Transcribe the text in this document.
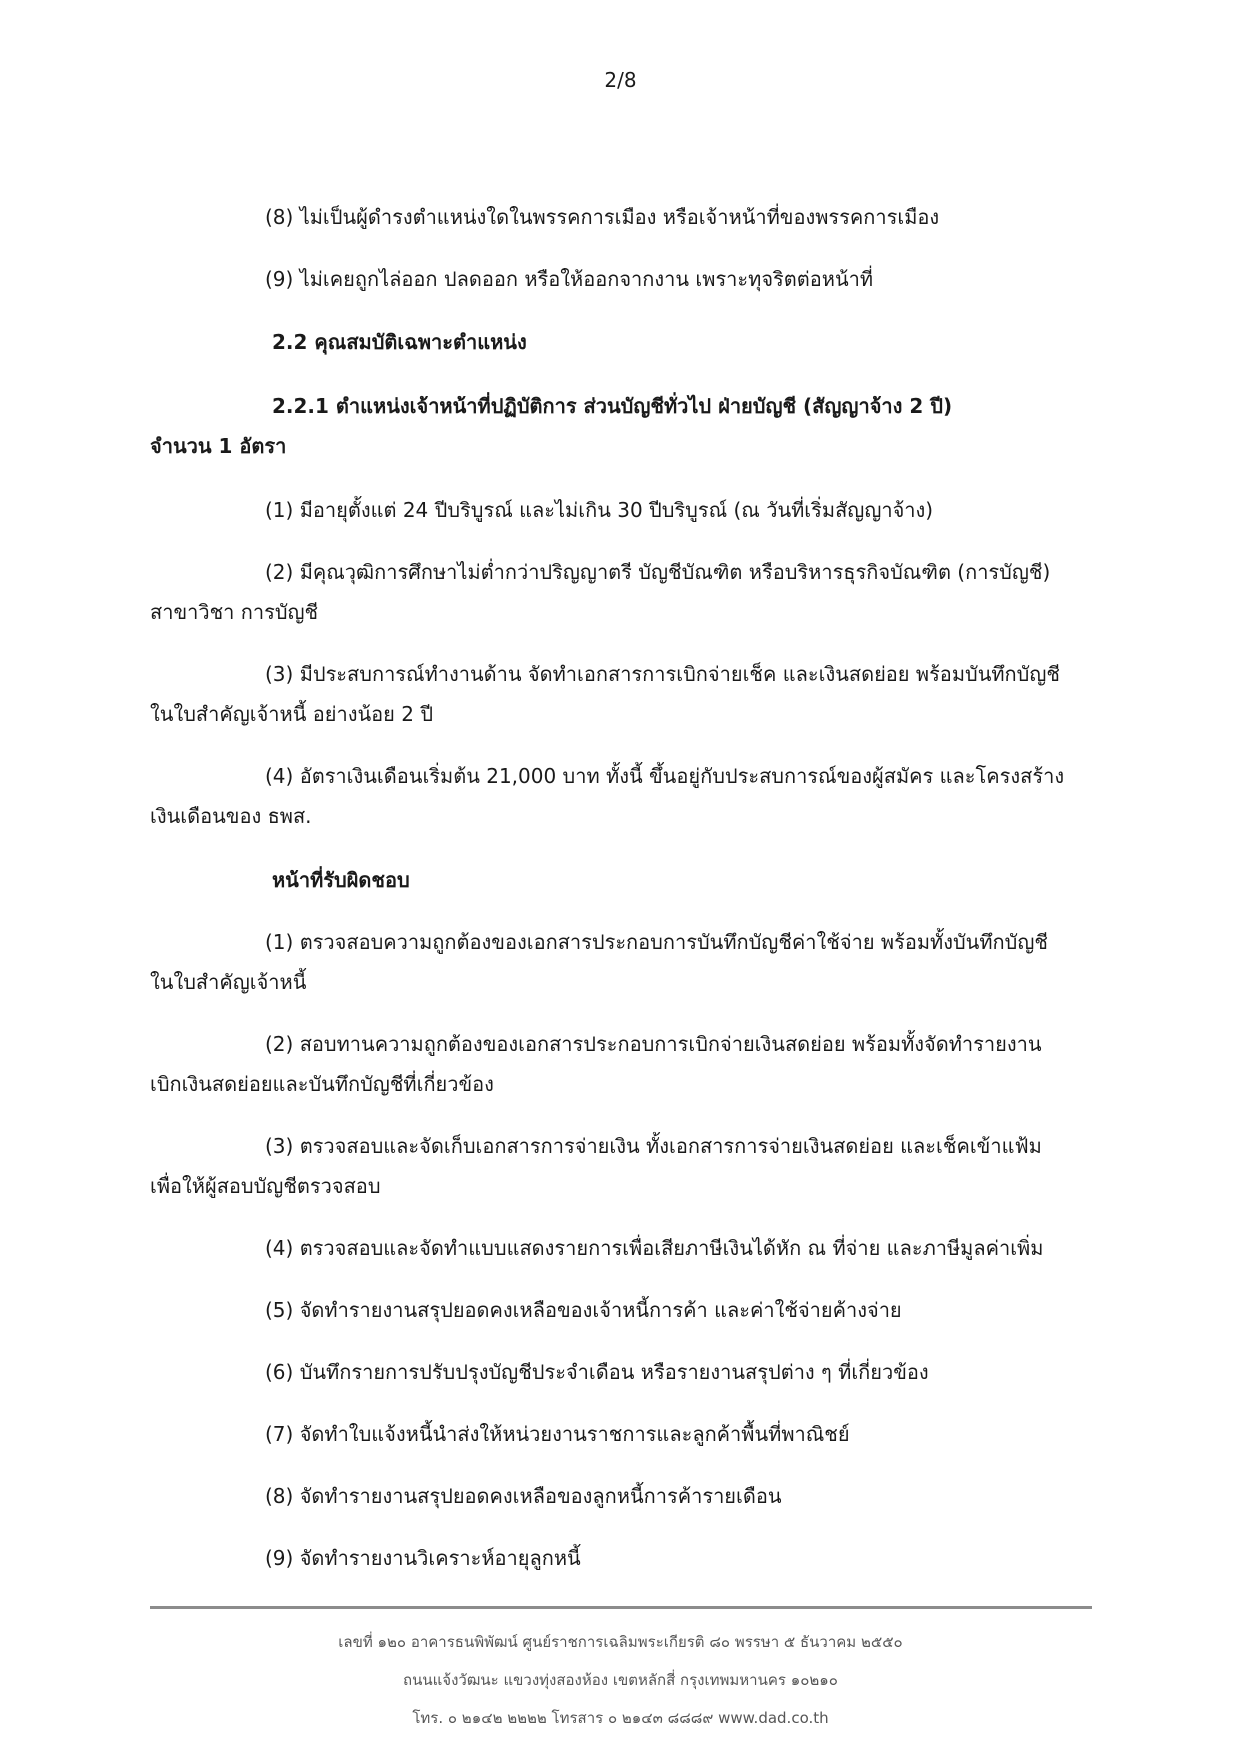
2/8
(8) ไม่เป็นผู้ดำรงตำแหน่งใดในพรรคการเมือง หรือเจ้าหน้าที่ของพรรคการเมือง
(9) ไม่เคยถูกไล่ออก ปลดออก หรือให้ออกจากงาน เพราะทุจริตต่อหน้าที่
2.2 คุณสมบัติเฉพาะตำแหน่ง
2.2.1 ตำแหน่งเจ้าหน้าที่ปฏิบัติการ ส่วนบัญชีทั่วไป ฝ่ายบัญชี (สัญญาจ้าง 2 ปี)
จำนวน 1 อัตรา
(1) มีอายุตั้งแต่ 24 ปีบริบูรณ์ และไม่เกิน 30 ปีบริบูรณ์ (ณ วันที่เริ่มสัญญาจ้าง)
(2) มีคุณวุฒิการศึกษาไม่ต่ำกว่าปริญญาตรี บัญชีบัณฑิต หรือบริหารธุรกิจบัณฑิต (การบัญชี)
สาขาวิชา การบัญชี
(3) มีประสบการณ์ทำงานด้าน จัดทำเอกสารการเบิกจ่ายเช็ค และเงินสดย่อย พร้อมบันทึกบัญชี
ในใบสำคัญเจ้าหนี้ อย่างน้อย 2 ปี
(4) อัตราเงินเดือนเริ่มต้น 21,000 บาท ทั้งนี้ ขึ้นอยู่กับประสบการณ์ของผู้สมัคร และโครงสร้าง
เงินเดือนของ ธพส.
หน้าที่รับผิดชอบ
(1) ตรวจสอบความถูกต้องของเอกสารประกอบการบันทึกบัญชีค่าใช้จ่าย พร้อมทั้งบันทึกบัญชี
ในใบสำคัญเจ้าหนี้
(2) สอบทานความถูกต้องของเอกสารประกอบการเบิกจ่ายเงินสดย่อย พร้อมทั้งจัดทำรายงาน
เบิกเงินสดย่อยและบันทึกบัญชีที่เกี่ยวข้อง
(3) ตรวจสอบและจัดเก็บเอกสารการจ่ายเงิน ทั้งเอกสารการจ่ายเงินสดย่อย และเช็คเข้าแฟ้ม
เพื่อให้ผู้สอบบัญชีตรวจสอบ
(4) ตรวจสอบและจัดทำแบบแสดงรายการเพื่อเสียภาษีเงินได้หัก ณ ที่จ่าย และภาษีมูลค่าเพิ่ม
(5) จัดทำรายงานสรุปยอดคงเหลือของเจ้าหนี้การค้า และค่าใช้จ่ายค้างจ่าย
(6) บันทึกรายการปรับปรุงบัญชีประจำเดือน หรือรายงานสรุปต่าง ๆ ที่เกี่ยวข้อง
(7) จัดทำใบแจ้งหนี้นำส่งให้หน่วยงานราชการและลูกค้าพื้นที่พาณิชย์
(8) จัดทำรายงานสรุปยอดคงเหลือของลูกหนี้การค้ารายเดือน
(9) จัดทำรายงานวิเคราะห์อายุลูกหนี้
เลขที่ ๑๒๐ อาคารธนพิพัฒน์ ศูนย์ราชการเฉลิมพระเกียรติ ๘๐ พรรษา ๕ ธันวาคม ๒๕๕๐
ถนนแจ้งวัฒนะ แขวงทุ่งสองห้อง เขตหลักสี่ กรุงเทพมหานคร ๑๐๒๑๐
โทร. ๐ ๒๑๔๒ ๒๒๒๒ โทรสาร ๐ ๒๑๔๓ ๘๘๘๙ www.dad.co.th
